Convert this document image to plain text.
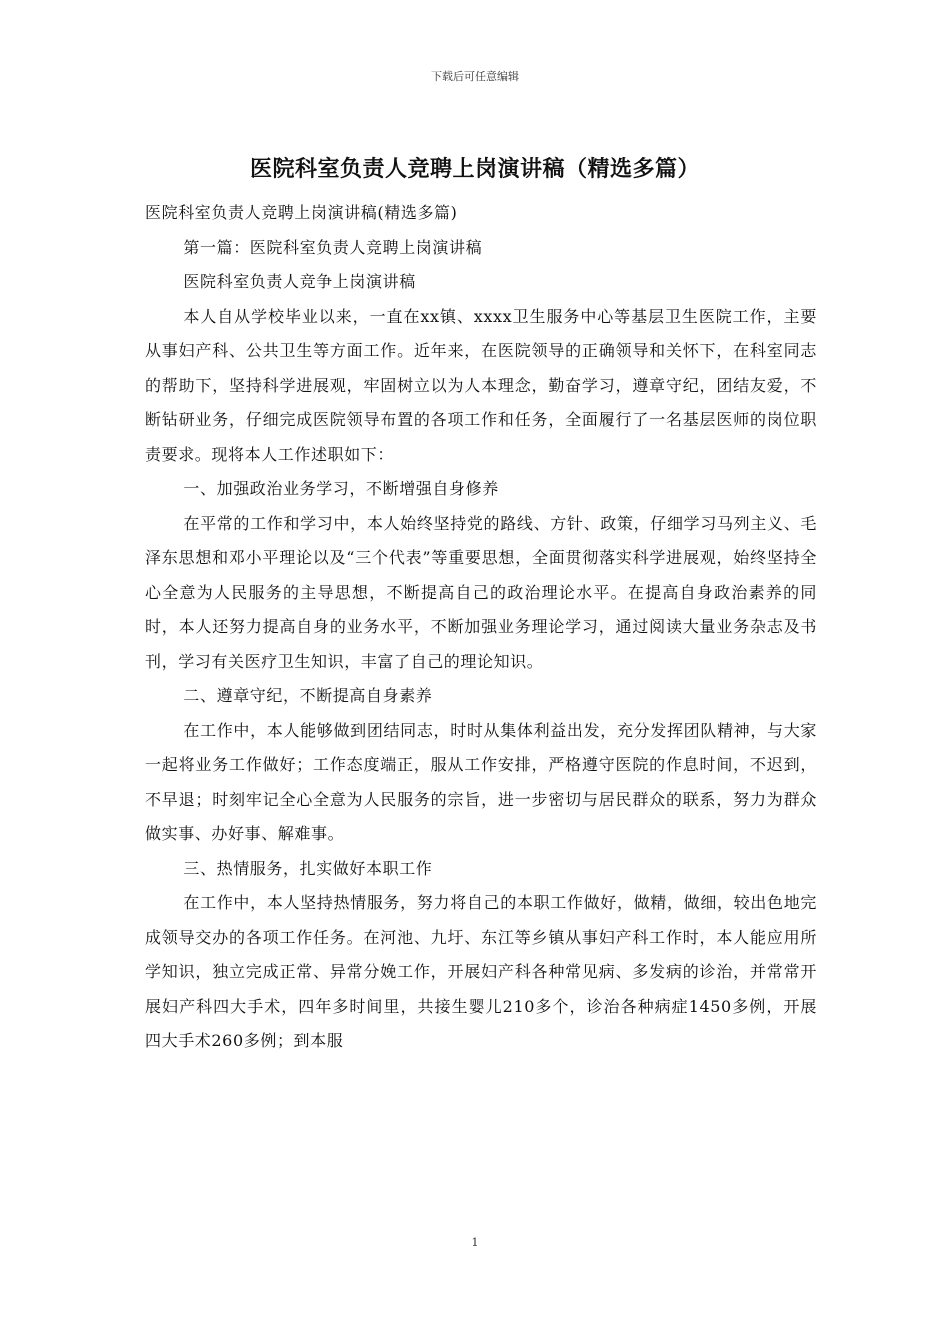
下载后可任意编辑
医院科室负责人竞聘上岗演讲稿（精选多篇）

医院科室负责人竞聘上岗演讲稿(精选多篇)

第一篇：医院科室负责人竞聘上岗演讲稿

医院科室负责人竞争上岗演讲稿

本人自从学校毕业以来，一直在xx镇、xxxx卫生服务中心等基层卫生医院工作，主要从事妇产科、公共卫生等方面工作。近年来，在医院领导的正确领导和关怀下，在科室同志的帮助下，坚持科学进展观，牢固树立以为人本理念，勤奋学习，遵章守纪，团结友爱，不断钻研业务，仔细完成医院领导布置的各项工作和任务，全面履行了一名基层医师的岗位职责要求。现将本人工作述职如下：

一、加强政治业务学习，不断增强自身修养

在平常的工作和学习中，本人始终坚持党的路线、方针、政策，仔细学习马列主义、毛泽东思想和邓小平理论以及“三个代表”等重要思想，全面贯彻落实科学进展观，始终坚持全心全意为人民服务的主导思想，不断提高自己的政治理论水平。在提高自身政治素养的同时，本人还努力提高自身的业务水平，不断加强业务理论学习，通过阅读大量业务杂志及书刊，学习有关医疗卫生知识，丰富了自己的理论知识。

二、遵章守纪，不断提高自身素养

在工作中，本人能够做到团结同志，时时从集体利益出发，充分发挥团队精神，与大家一起将业务工作做好；工作态度端正，服从工作安排，严格遵守医院的作息时间，不迟到，不早退；时刻牢记全心全意为人民服务的宗旨，进一步密切与居民群众的联系，努力为群众做实事、办好事、解难事。

三、热情服务，扎实做好本职工作

在工作中，本人坚持热情服务，努力将自己的本职工作做好，做精，做细，较出色地完成领导交办的各项工作任务。在河池、九圩、东江等乡镇从事妇产科工作时，本人能应用所学知识，独立完成正常、异常分娩工作，开展妇产科各种常见病、多发病的诊治，并常常开展妇产科四大手术，四年多时间里，共接生婴儿210多个，诊治各种病症1450多例，开展四大手术260多例；到本服

1
